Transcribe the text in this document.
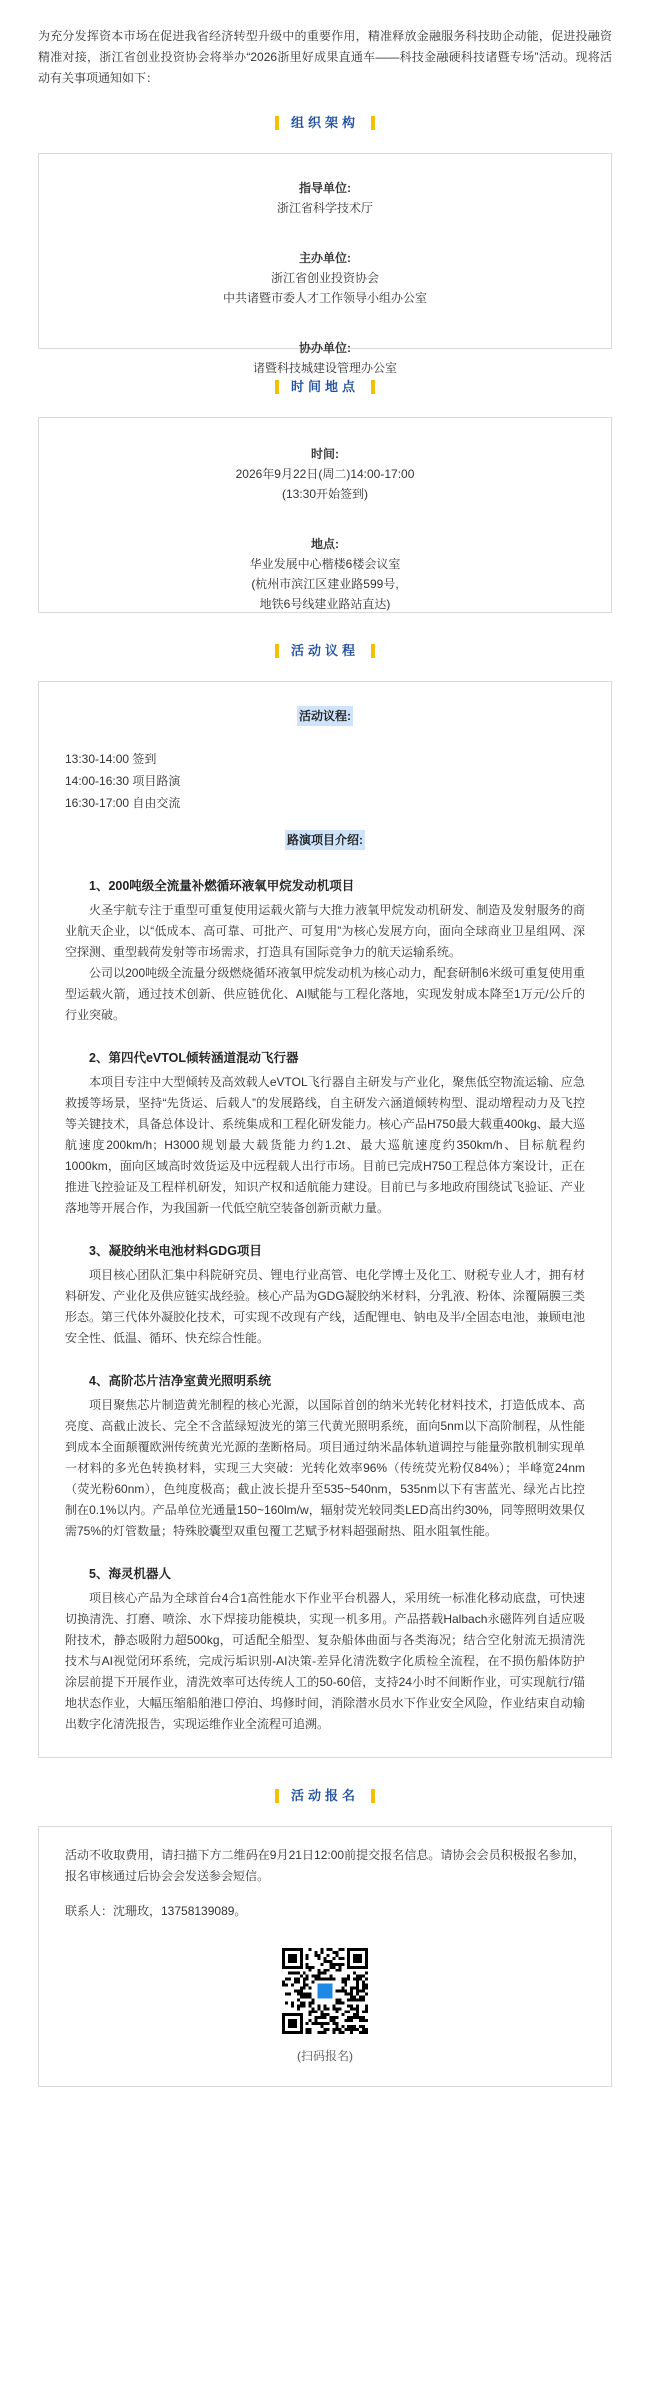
为充分发挥资本市场在促进我省经济转型升级中的重要作用，精准释放金融服务科技助企动能，促进投融资精准对接，浙江省创业投资协会将举办“2026浙里好成果直通车——科技金融硬科技诸暨专场”活动。现将活动有关事项通知如下：

组织架构
指导单位:
浙江省科学技术厅
主办单位:
浙江省创业投资协会
中共诸暨市委人才工作领导小组办公室
协办单位:
诸暨科技城建设管理办公室
时间地点
时间:
2026年9月22日(周二)14:00-17:00
(13:30开始签到)
地点:
华业发展中心楷楼6楼会议室
(杭州市滨江区建业路599号,
地铁6号线建业路站直达)
活动议程
活动议程:

13:30-14:00 签到

14:00-16:30 项目路演

16:30-17:00 自由交流

路演项目介绍:
1、200吨级全流量补燃循环液氧甲烷发动机项目

火圣宇航专注于重型可重复使用运载火箭与大推力液氧甲烷发动机研发、制造及发射服务的商业航天企业，以“低成本、高可靠、可批产、可复用”为核心发展方向，面向全球商业卫星组网、深空探测、重型载荷发射等市场需求，打造具有国际竞争力的航天运输系统。

公司以200吨级全流量分级燃烧循环液氧甲烷发动机为核心动力，配套研制6米级可重复使用重型运载火箭，通过技术创新、供应链优化、AI赋能与工程化落地，实现发射成本降至1万元/公斤的行业突破。

2、第四代eVTOL倾转涵道混动飞行器

本项目专注中大型倾转及高效载人eVTOL飞行器自主研发与产业化，聚焦低空物流运输、应急救援等场景，坚持“先货运、后载人”的发展路线，自主研发六涵道倾转构型、混动增程动力及飞控等关键技术，具备总体设计、系统集成和工程化研发能力。核心产品H750最大载重400kg、最大巡航速度200km/h；H3000规划最大载货能力约1.2t、最大巡航速度约350km/h、目标航程约1000km，面向区域高时效货运及中远程载人出行市场。目前已完成H750工程总体方案设计，正在推进飞控验证及工程样机研发，知识产权和适航能力建设。目前已与多地政府围绕试飞验证、产业落地等开展合作，为我国新一代低空航空装备创新贡献力量。

3、凝胶纳米电池材料GDG项目

项目核心团队汇集中科院研究员、锂电行业高管、电化学博士及化工、财税专业人才，拥有材料研发、产业化及供应链实战经验。核心产品为GDG凝胶纳米材料，分乳液、粉体、涂覆隔膜三类形态。第三代体外凝胶化技术，可实现不改现有产线，适配锂电、钠电及半/全固态电池，兼顾电池安全性、低温、循环、快充综合性能。

4、高阶芯片洁净室黄光照明系统

项目聚焦芯片制造黄光制程的核心光源，以国际首创的纳米光转化材料技术，打造低成本、高亮度、高截止波长、完全不含蓝绿短波光的第三代黄光照明系统，面向5nm以下高阶制程，从性能到成本全面颠覆欧洲传统黄光光源的垄断格局。项目通过纳米晶体轨道调控与能量弥散机制实现单一材料的多光色转换材料，实现三大突破：光转化效率96%（传统荧光粉仅84%）；半峰宽24nm（荧光粉60nm），色纯度极高；截止波长提升至535~540nm，535nm以下有害蓝光、绿光占比控制在0.1%以内。产品单位光通量150~160lm/w，辐射荧光较同类LED高出约30%，同等照明效果仅需75%的灯管数量；特殊胶囊型双重包覆工艺赋予材料超强耐热、阻水阻氧性能。

5、海灵机器人

项目核心产品为全球首台4合1高性能水下作业平台机器人，采用统一标准化移动底盘，可快速切换清洗、打磨、喷涂、水下焊接功能模块，实现一机多用。产品搭载Halbach永磁阵列自适应吸附技术，静态吸附力超500kg，可适配全船型、复杂船体曲面与各类海况；结合空化射流无损清洗技术与AI视觉闭环系统，完成污垢识别-AI决策-差异化清洗数字化质检全流程，在不损伤船体防护涂层前提下开展作业，清洗效率可达传统人工的50-60倍，支持24小时不间断作业，可实现航行/锚地状态作业，大幅压缩船舶港口停泊、坞修时间，消除潜水员水下作业安全风险，作业结束自动输出数字化清洗报告，实现运维作业全流程可追溯。

活动报名

活动不收取费用，请扫描下方二维码在9月21日12:00前提交报名信息。请协会会员积极报名参加，报名审核通过后协会会发送参会短信。

联系人：沈珊玫，13758139089。

(扫码报名)
